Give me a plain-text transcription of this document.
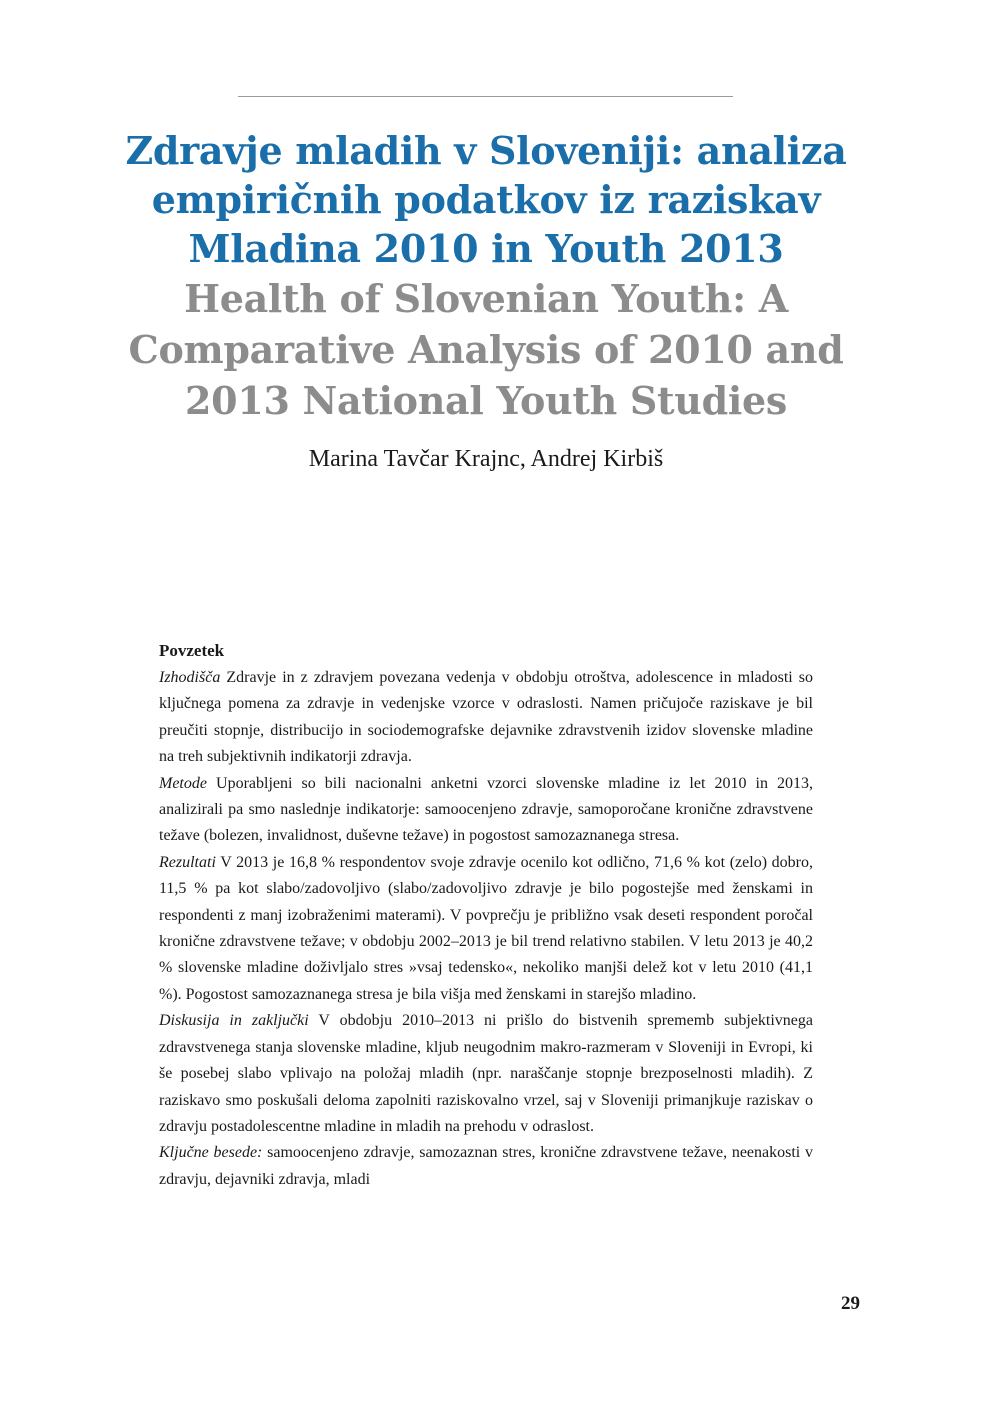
Zdravje mladih v Sloveniji: analiza empiričnih podatkov iz raziskav Mladina 2010 in Youth 2013
Health of Slovenian Youth: A Comparative Analysis of 2010 and 2013 National Youth Studies
Marina Tavčar Krajnc, Andrej Kirbiš
Povzetek

Izhodišča Zdravje in z zdravjem povezana vedenja v obdobju otroštva, adolescence in mladosti so ključnega pomena za zdravje in vedenjske vzorce v odraslosti. Namen pričujoče raziskave je bil preučiti stopnje, distribucijo in sociodemografske dejavnike zdravstvenih izidov slovenske mladine na treh subjektivnih indikatorji zdravja.

Metode Uporabljeni so bili nacionalni anketni vzorci slovenske mladine iz let 2010 in 2013, analizirali pa smo naslednje indikatorje: samoocenjeno zdravje, samoporočane kronične zdravstvene težave (bolezen, invalidnost, duševne težave) in pogostost samozaznanega stresa.

Rezultati V 2013 je 16,8 % respondentov svoje zdravje ocenilo kot odlično, 71,6 % kot (zelo) dobro, 11,5 % pa kot slabo/zadovoljivo (slabo/zadovoljivo zdravje je bilo pogostejše med ženskami in respondenti z manj izobraženimi materami). V povprečju je približno vsak deseti respondent poročal kronične zdravstvene težave; v obdobju 2002–2013 je bil trend relativno stabilen. V letu 2013 je 40,2 % slovenske mladine doživljalo stres »vsaj tedensko«, nekoliko manjši delež kot v letu 2010 (41,1 %). Pogostost samozaznanega stresa je bila višja med ženskami in starejšo mladino.

Diskusija in zaključki V obdobju 2010–2013 ni prišlo do bistvenih sprememb subjektivnega zdravstvenega stanja slovenske mladine, kljub neugodnim makro-razmeram v Sloveniji in Evropi, ki še posebej slabo vplivajo na položaj mladih (npr. naraščanje stopnje brezposelnosti mladih). Z raziskavo smo poskušali deloma zapolniti raziskovalno vrzel, saj v Sloveniji primanjkuje raziskav o zdravju postadolescentne mladine in mladih na prehodu v odraslost.

Ključne besede: samoocenjeno zdravje, samozaznan stres, kronične zdravstvene težave, neenakosti v zdravju, dejavniki zdravja, mladi

29
